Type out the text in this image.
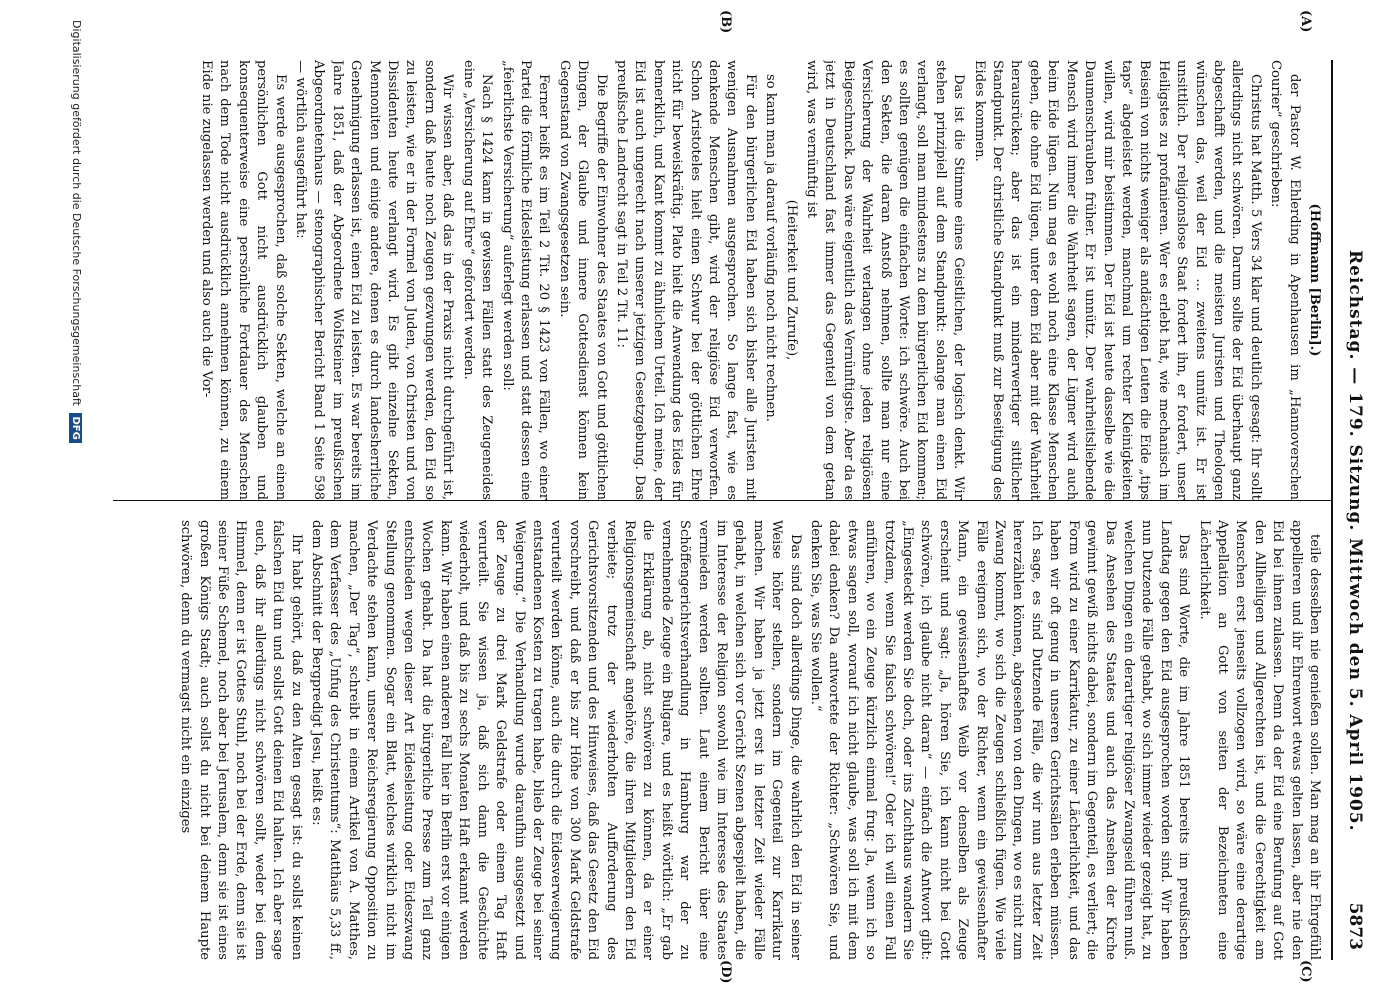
Reichstag. — 179. Sitzung. Mittwoch den 5. April 1905.
5873
(A)
(B)
(C)
(D)

(Hoffmann [Berlin].)

der Pastor W. Ehlerding in Apenhausen im „Hannoverschen Courier“ geschrieben:

Christus hat Matth. 5 Vers 34 klar und deutlich gesagt: Ihr sollt allerdings nicht schwören. Darum sollte der Eid überhaupt ganz abgeschafft werden, und die meisten Juristen und Theologen wünschen das, weil der Eid ... zweitens unnütz ist. Er ist unsittlich. Der religionslose Staat fordert ihn, er fordert, unser Heiligstes zu profanieren. Wer es erlebt hat, wie mechanisch im Beisein von nichts weniger als andächtigen Leuten die Eide „tips taps“ abgeleistet werden, manchmal um rechter Kleinigkeiten willen, wird mir beistimmen. Der Eid ist heute dasselbe wie die Daumenschrauben früher. Er ist unnütz. Der wahrheitsliebende Mensch wird immer die Wahrheit sagen, der Lügner wird auch beim Eide lügen. Nun mag es wohl noch eine Klasse Menschen geben, die ohne Eid lügen, unter dem Eid aber mit der Wahrheit herausrücken; aber das ist ein minderwertiger sittlicher Standpunkt. Der christliche Standpunkt muß zur Beseitigung des Eides kommen.

Das ist die Stimme eines Geistlichen, der logisch denkt. Wir stehen prinzipiell auf dem Standpunkt: solange man einen Eid verlangt, soll man mindestens zu dem bürgerlichen Eid kommen; es sollten genügen die einfachen Worte: ich schwöre. Auch bei den Sekten, die daran Anstoß nehmen, sollte man nur eine Versicherung der Wahrheit verlangen ohne jeden religiösen Beigeschmack. Das wäre eigentlich das Vernünftigste. Aber da es jetzt in Deutschland fast immer das Gegenteil von dem getan wird, was vernünftig ist

(Heiterkeit und Zurufe),

so kann man ja darauf vorläufig noch nicht rechnen.

Für den bürgerlichen Eid haben sich bisher alle Juristen mit wenigen Ausnahmen ausgesprochen. So lange fast, wie es denkende Menschen gibt, wird der religiöse Eid verworfen. Schon Aristoteles hielt einen Schwur bei der göttlichen Ehre nicht für beweiskräftig. Plato hielt die Anwendung des Eides für bemerklich, und Kant kommt zu ähnlichem Urteil. Ich meine, der Eid ist auch ungerecht nach unserer jetzigen Gesetzgebung. Das preußische Landrecht sagt in Teil 2 Tit. 11:

Die Begriffe der Einwohner des Staates von Gott und göttlichen Dingen, der Glaube und innere Gottesdienst können kein Gegenstand von Zwangsgesetzen sein.

Ferner heißt es im Teil 2 Tit. 20 § 1423 von Fällen, wo einer Partei die förmliche Eidesleistung erlassen und statt dessen eine „feierlichste Versicherung“ auferlegt werden soll:

Nach § 1424 kann in gewissen Fällen statt des Zeugeneides eine „Versicherung auf Ehre“ gefordert werden.

Wir wissen aber, daß das in der Praxis nicht durchgeführt ist, sondern daß heute noch Zeugen gezwungen werden, den Eid so zu leisten, wie er in der Formel von Juden, von Christen und von Dissidenten heute verlangt wird. Es gibt einzelne Sekten, Mennoniten und einige andere, denen es durch landesherrliche Genehmigung erlassen ist, einen Eid zu leisten. Es war bereits im Jahre 1851, daß der Abgeordnete Wolfsteiner im preußischen Abgeordnetenhaus — stenographischer Bericht Band 1 Seite 598 — wörtlich ausgeführt hat:

Es werde ausgesprochen, daß solche Sekten, welche an einen persönlichen Gott nicht ausdrücklich glauben und konsequenterweise eine persönliche Fortdauer des Menschen nach dem Tode nicht ausdrücklich annehmen können, zu einem Eide nie zugelassen werden und also auch die Vor-

teile desselben nie genießen sollen. Man mag an ihr Ehrgefühl appellieren und ihr Ehrenwort etwas gelten lassen, aber nie den Eid bei ihnen zulassen. Denn da der Eid eine Berufung auf Gott den Allheiligen und Allgerechten ist, und die Gerechtigkeit am Menschen erst jenseits vollzogen wird, so wäre eine derartige Appellation an Gott von seiten der Bezeichneten eine Lächerlichkeit.

Das sind Worte, die im Jahre 1851 bereits im preußischen Landtag gegen den Eid ausgesprochen worden sind. Wir haben nun Dutzende Fälle gehabt, wo sich immer wieder gezeigt hat, zu welchen Dingen ein derartiger religiöser Zwangseid führen muß. Das Ansehen des Staates und auch das Ansehen der Kirche gewinnt gewiß nichts dabei, sondern im Gegenteil, es verliert; die Form wird zu einer Karrikatur, zu einer Lächerlichkeit, und das haben wir oft genug in unseren Gerichtssälen erleben müssen. Ich sage, es sind Dutzende Fälle, die wir nun aus letzter Zeit hererzählen können, abgesehen von den Dingen, wo es nicht zum Zwang kommt, wo sich die Zeugen schließlich fügen. Wie viele Fälle ereignen sich, wo der Richter, wenn ein gewissenhafter Mann, ein gewissenhaftes Weib vor denselben als Zeuge erscheint und sagt: „Ja, hören Sie, ich kann nicht bei Gott schwören, ich glaube nicht daran“ — einfach die Antwort gibt: „Eingesteckt werden Sie doch, oder ins Zuchthaus wandern Sie trotzdem, wenn Sie falsch schwören!“ Oder ich will einen Fall anführen, wo ein Zeuge kürzlich einmal frug: Ja, wenn ich so etwas sagen soll, worauf ich nicht glaube, was soll ich mit dem dabei denken? Da antwortete der Richter: „Schwören Sie, und denken Sie, was Sie wollen.“

Das sind doch allerdings Dinge, die wahrlich den Eid in seiner Weise höher stellen, sondern im Gegenteil zur Karrikatur machen. Wir haben ja jetzt erst in letzter Zeit wieder Fälle gehabt, in welchen sich vor Gericht Szenen abgespielt haben, die im Interesse der Religion sowohl wie im Interesse des Staates vermieden werden sollten. Laut einem Bericht über eine Schöffengerichtsverhandlung in Hamburg war der zu vernehmende Zeuge ein Bulgare, und es heißt wörtlich: „Er gab die Erklärung ab, nicht schwören zu können, da er einer Religionsgemeinschaft angehöre, die ihren Mitgliedern den Eid verbiete; trotz der wiederholten Aufforderung des Gerichtsvorsitzenden und des Hinweises, daß das Gesetz den Eid vorschreibt, und daß er bis zur Höhe von 300 Mark Geldstrafe verurteilt werden könne, auch die durch die Eidesverweigerung entstandenen Kosten zu tragen habe, blieb der Zeuge bei seiner Weigerung.“ Die Verhandlung wurde daraufhin ausgesetzt und der Zeuge zu drei Mark Geldstrafe oder einem Tag Haft verurteilt. Sie wissen ja, daß sich dann die Geschichte wiederholt, und daß bis zu sechs Monaten Haft erkannt werden kann. Wir haben einen anderen Fall hier in Berlin erst vor einigen Wochen gehabt. Da hat die bürgerliche Presse zum Teil ganz entschieden wegen dieser Art Eidesleistung oder Eideszwang Stellung genommen. Sogar ein Blatt, welches wirklich nicht im Verdachte stehen kann, unserer Reichsregierung Opposition zu machen, „Der Tag“, schreibt in einem Artikel von A. Matthes, dem Verfasser des „Unfug des Christentums“: Matthäus 5,33 ff., dem Abschnitt der Bergpredigt Jesu, heißt es:

Ihr habt gehört, daß zu den Alten gesagt ist: du sollst keinen falschen Eid tun und sollst Gott deinen Eid halten. Ich aber sage euch, daß ihr allerdings nicht schwören sollt, weder bei dem Himmel, denn er ist Gottes Stuhl, noch bei der Erde, denn sie ist seiner Füße Schemel, noch aber bei Jerusalem, denn sie ist eines großen Königs Stadt; auch sollst du nicht bei deinem Haupte schwören, denn du vermagst nicht ein einziges

Digitalisierung gefördert durch die Deutsche Forschungsgemeinschaft DFG
